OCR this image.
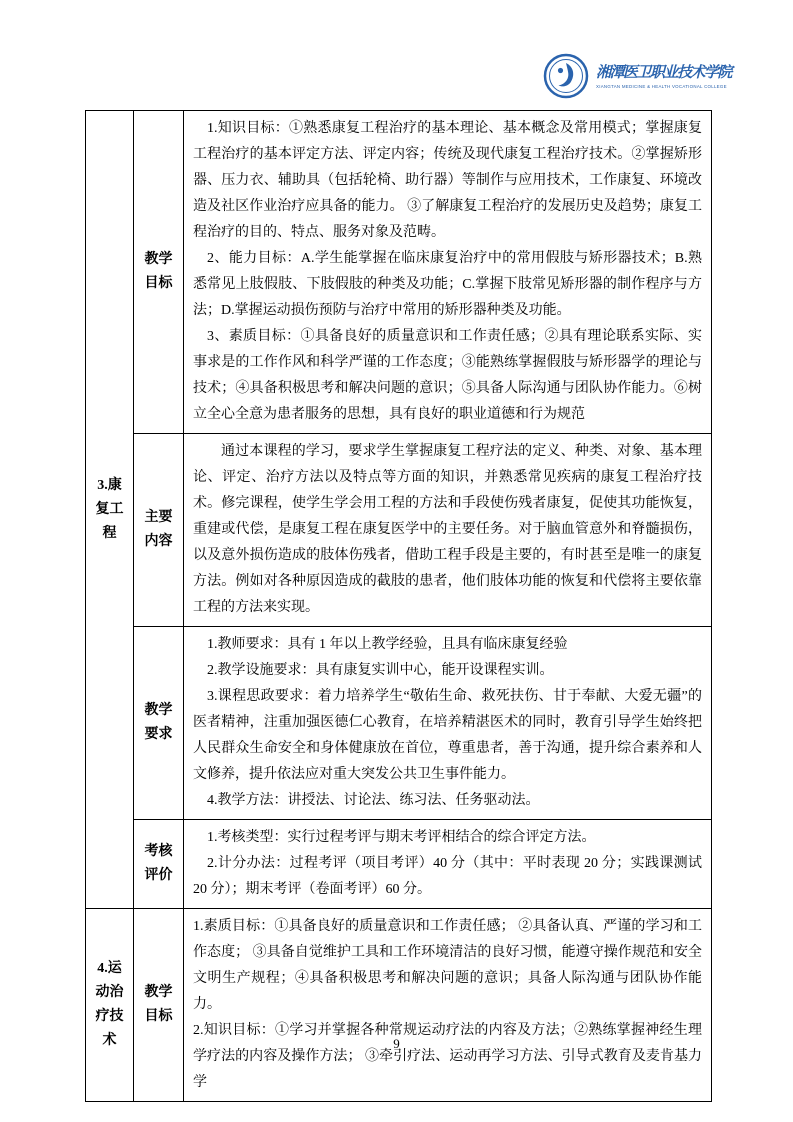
湘潭医卫职业技术学院
XIANGTAN MEDICINE & HEALTH VOCATIONAL COLLEGE
3.康复工程	教学目标	1.知识目标：①熟悉康复工程治疗的基本理论、基本概念及常用模式；掌握康复工程治疗的基本评定方法、评定内容；传统及现代康复工程治疗技术。②掌握矫形器、压力衣、辅助具（包括轮椅、助行器）等制作与应用技术，工作康复、环境改造及社区作业治疗应具备的能力。 ③了解康复工程治疗的发展历史及趋势；康复工程治疗的目的、特点、服务对象及范畴。

2、能力目标：A.学生能掌握在临床康复治疗中的常用假肢与矫形器技术；B.熟悉常见上肢假肢、下肢假肢的种类及功能；C.掌握下肢常见矫形器的制作程序与方法；D.掌握运动损伤预防与治疗中常用的矫形器种类及功能。

3、素质目标：①具备良好的质量意识和工作责任感；②具有理论联系实际、实事求是的工作作风和科学严谨的工作态度；③能熟练掌握假肢与矫形器学的理论与技术；④具备积极思考和解决问题的意识；⑤具备人际沟通与团队协作能力。⑥树立全心全意为患者服务的思想，具有良好的职业道德和行为规范

	主要内容	通过本课程的学习，要求学生掌握康复工程疗法的定义、种类、对象、基本理论、评定、治疗方法以及特点等方面的知识，并熟悉常见疾病的康复工程治疗技术。修完课程，使学生学会用工程的方法和手段使伤残者康复，促使其功能恢复，重建或代偿，是康复工程在康复医学中的主要任务。对于脑血管意外和脊髓损伤，以及意外损伤造成的肢体伤残者，借助工程手段是主要的，有时甚至是唯一的康复方法。例如对各种原因造成的截肢的患者，他们肢体功能的恢复和代偿将主要依靠工程的方法来实现。

	教学要求	1.教师要求：具有 1 年以上教学经验，且具有临床康复经验

2.教学设施要求：具有康复实训中心，能开设课程实训。

3.课程思政要求：着力培养学生“敬佑生命、救死扶伤、甘于奉献、大爱无疆”的医者精神，注重加强医德仁心教育，在培养精湛医术的同时，教育引导学生始终把人民群众生命安全和身体健康放在首位，尊重患者，善于沟通，提升综合素养和人文修养，提升依法应对重大突发公共卫生事件能力。

4.教学方法：讲授法、讨论法、练习法、任务驱动法。

	考核评价	1.考核类型：实行过程考评与期末考评相结合的综合评定方法。

2.计分办法：过程考评（项目考评）40 分（其中：平时表现 20 分；实践课测试 20 分）；期末考评（卷面考评）60 分。

4.运动治疗技术	教学目标	1.素质目标：①具备良好的质量意识和工作责任感； ②具备认真、严谨的学习和工作态度； ③具备自觉维护工具和工作环境清洁的良好习惯，能遵守操作规范和安全文明生产规程；④具备积极思考和解决问题的意识；具备人际沟通与团队协作能力。

2.知识目标：①学习并掌握各种常规运动疗法的内容及方法；②熟练掌握神经生理学疗法的内容及操作方法； ③牵引疗法、运动再学习方法、引导式教育及麦肯基力学

9
